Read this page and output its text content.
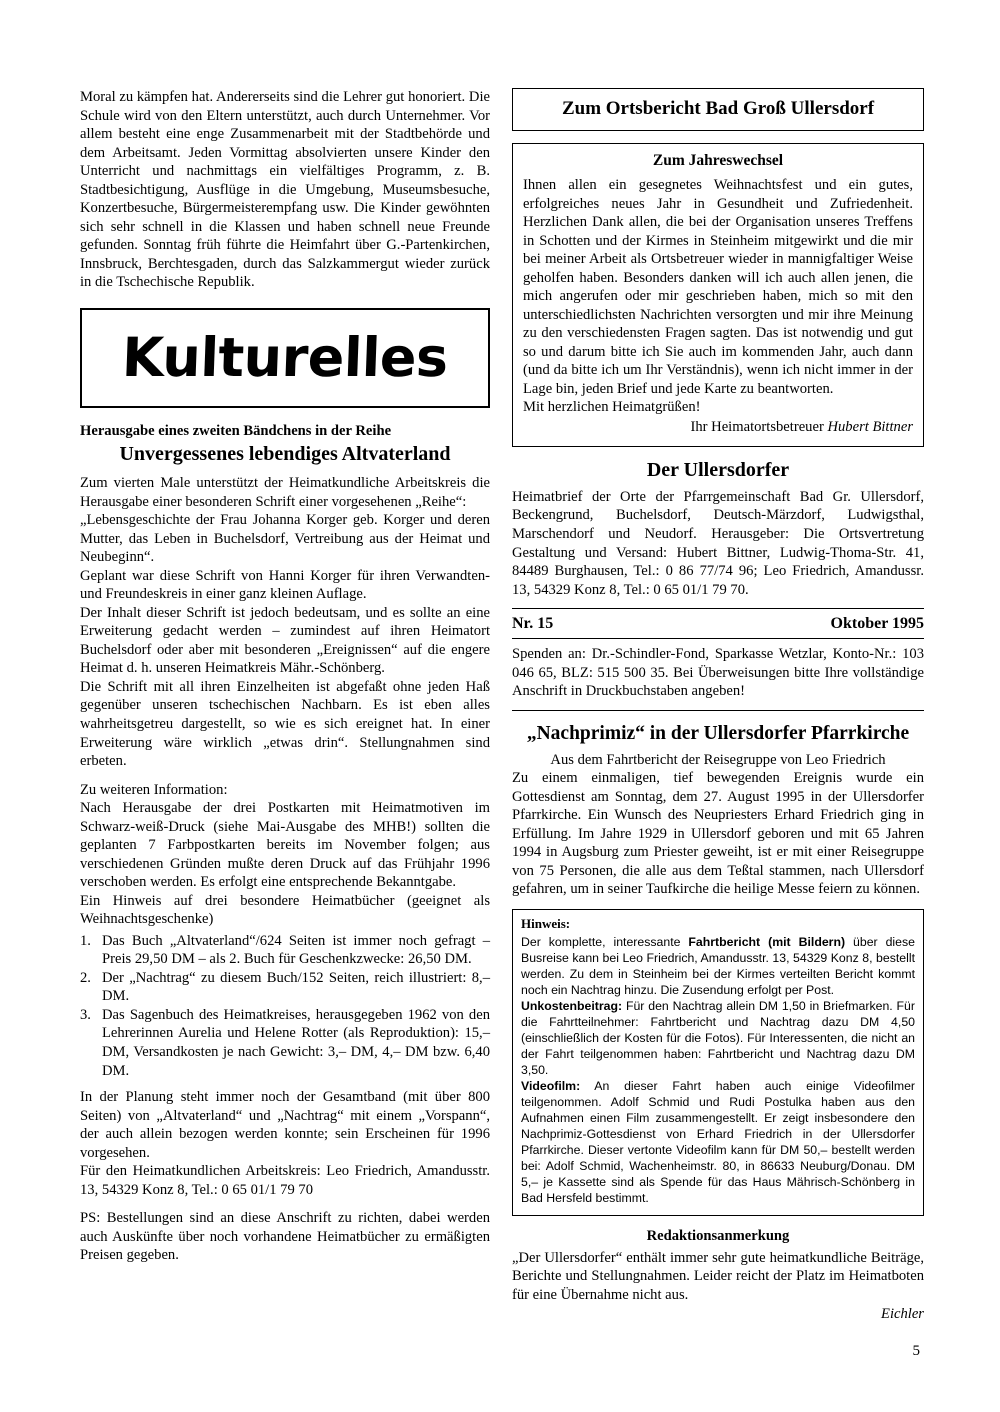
Moral zu kämpfen hat. Andererseits sind die Lehrer gut honoriert. Die Schule wird von den Eltern unterstützt, auch durch Unternehmer. Vor allem besteht eine enge Zusammenarbeit mit der Stadtbehörde und dem Arbeitsamt. Jeden Vormittag absolvierten unsere Kinder den Unterricht und nachmittags ein vielfältiges Programm, z. B. Stadtbesichtigung, Ausflüge in die Umgebung, Museumsbesuche, Konzertbesuche, Bürgermeisterempfang usw. Die Kinder gewöhnten sich sehr schnell in die Klassen und haben schnell neue Freunde gefunden. Sonntag früh führte die Heimfahrt über G.-Partenkirchen, Innsbruck, Berchtesgaden, durch das Salzkammergut wieder zurück in die Tschechische Republik.
Kulturelles
Herausgabe eines zweiten Bändchens in der Reihe
Unvergessenes lebendiges Altvaterland
Zum vierten Male unterstützt der Heimatkundliche Arbeitskreis die Herausgabe einer besonderen Schrift einer vorgesehenen „Reihe“:
„Lebensgeschichte der Frau Johanna Korger geb. Korger und deren Mutter, das Leben in Buchelsdorf, Vertreibung aus der Heimat und Neubeginn“.
Geplant war diese Schrift von Hanni Korger für ihren Verwandten- und Freundeskreis in einer ganz kleinen Auflage.
Der Inhalt dieser Schrift ist jedoch bedeutsam, und es sollte an eine Erweiterung gedacht werden – zumindest auf ihren Heimatort Buchelsdorf oder aber mit besonderen „Ereignissen“ auf die engere Heimat d. h. unseren Heimatkreis Mähr.-Schönberg.
Die Schrift mit all ihren Einzelheiten ist abgefaßt ohne jeden Haß gegenüber unseren tschechischen Nachbarn. Es ist eben alles wahrheitsgetreu dargestellt, so wie es sich ereignet hat. In einer Erweiterung wäre wirklich „etwas drin“. Stellungnahmen sind erbeten.
Zu weiteren Information:
Nach Herausgabe der drei Postkarten mit Heimatmotiven im Schwarz-weiß-Druck (siehe Mai-Ausgabe des MHB!) sollten die geplanten 7 Farbpostkarten bereits im November folgen; aus verschiedenen Gründen mußte deren Druck auf das Frühjahr 1996 verschoben werden. Es erfolgt eine entsprechende Bekanntgabe.
Ein Hinweis auf drei besondere Heimatbücher (geeignet als Weihnachtsgeschenke)
1. Das Buch „Altvaterland“/624 Seiten ist immer noch gefragt – Preis 29,50 DM – als 2. Buch für Geschenkzwecke: 26,50 DM.
2. Der „Nachtrag“ zu diesem Buch/152 Seiten, reich illustriert: 8,– DM.
3. Das Sagenbuch des Heimatkreises, herausgegeben 1962 von den Lehrerinnen Aurelia und Helene Rotter (als Reproduktion): 15,– DM, Versandkosten je nach Gewicht: 3,– DM, 4,– DM bzw. 6,40 DM.
In der Planung steht immer noch der Gesamtband (mit über 800 Seiten) von „Altvaterland“ und „Nachtrag“ mit einem „Vorspann“, der auch allein bezogen werden konnte; sein Erscheinen für 1996 vorgesehen.
Für den Heimatkundlichen Arbeitskreis: Leo Friedrich, Amandusstr. 13, 54329 Konz 8, Tel.: 0 65 01/1 79 70
PS: Bestellungen sind an diese Anschrift zu richten, dabei werden auch Auskünfte über noch vorhandene Heimatbücher zu ermäßigten Preisen gegeben.
Zum Ortsbericht Bad Groß Ullersdorf
Zum Jahreswechsel
Ihnen allen ein gesegnetes Weihnachtsfest und ein gutes, erfolgreiches neues Jahr in Gesundheit und Zufriedenheit. Herzlichen Dank allen, die bei der Organisation unseres Treffens in Schotten und der Kirmes in Steinheim mitgewirkt und die mir bei meiner Arbeit als Ortsbetreuer wieder in mannigfaltiger Weise geholfen haben. Besonders danken will ich auch allen jenen, die mich angerufen oder mir geschrieben haben, mich so mit den unterschiedlichsten Nachrichten versorgten und mir ihre Meinung zu den verschiedensten Fragen sagten. Das ist notwendig und gut so und darum bitte ich Sie auch im kommenden Jahr, auch dann (und da bitte ich um Ihr Verständnis), wenn ich nicht immer in der Lage bin, jeden Brief und jede Karte zu beantworten.
Mit herzlichen Heimatgrüßen!
Ihr Heimatortsbetreuer Hubert Bittner
Der Ullersdorfer
Heimatbrief der Orte der Pfarrgemeinschaft Bad Gr. Ullersdorf, Beckengrund, Buchelsdorf, Deutsch-Märzdorf, Ludwigsthal, Marschendorf und Neudorf. Herausgeber: Die Ortsvertretung Gestaltung und Versand: Hubert Bittner, Ludwig-Thoma-Str. 41, 84489 Burghausen, Tel.: 0 86 77/74 96; Leo Friedrich, Amandussr. 13, 54329 Konz 8, Tel.: 0 65 01/1 79 70.
Nr. 15	Oktober 1995
Spenden an: Dr.-Schindler-Fond, Sparkasse Wetzlar, Konto-Nr.: 103 046 65, BLZ: 515 500 35. Bei Überweisungen bitte Ihre vollständige Anschrift in Druckbuchstaben angeben!
„Nachprimiz“ in der Ullersdorfer Pfarrkirche
Aus dem Fahrtbericht der Reisegruppe von Leo Friedrich
Zu einem einmaligen, tief bewegenden Ereignis wurde ein Gottesdienst am Sonntag, dem 27. August 1995 in der Ullersdorfer Pfarrkirche. Ein Wunsch des Neupriesters Erhard Friedrich ging in Erfüllung. Im Jahre 1929 in Ullersdorf geboren und mit 65 Jahren 1994 in Augsburg zum Priester geweiht, ist er mit einer Reisegruppe von 75 Personen, die alle aus dem Teßtal stammen, nach Ullersdorf gefahren, um in seiner Taufkirche die heilige Messe feiern zu können.
Hinweis:

Der komplette, interessante Fahrtbericht (mit Bildern) über diese Busreise kann bei Leo Friedrich, Amandusstr. 13, 54329 Konz 8, bestellt werden. Zu dem in Steinheim bei der Kirmes verteilten Bericht kommt noch ein Nachtrag hinzu. Die Zusendung erfolgt per Post.

Unkostenbeitrag: Für den Nachtrag allein DM 1,50 in Briefmarken. Für die Fahrtteilnehmer: Fahrtbericht und Nachtrag dazu DM 4,50 (einschließlich der Kosten für die Fotos). Für Interessenten, die nicht an der Fahrt teilgenommen haben: Fahrtbericht und Nachtrag dazu DM 3,50.

Videofilm: An dieser Fahrt haben auch einige Videofilmer teilgenommen. Adolf Schmid und Rudi Postulka haben aus den Aufnahmen einen Film zusammengestellt. Er zeigt insbesondere den Nachprimiz-Gottesdienst von Erhard Friedrich in der Ullersdorfer Pfarrkirche. Dieser vertonte Videofilm kann für DM 50,– bestellt werden bei: Adolf Schmid, Wachenheimstr. 80, in 86633 Neuburg/Donau. DM 5,– je Kassette sind als Spende für das Haus Mährisch-Schönberg in Bad Hersfeld bestimmt.

Redaktionsanmerkung
„Der Ullersdorfer“ enthält immer sehr gute heimatkundliche Beiträge, Berichte und Stellungnahmen. Leider reicht der Platz im Heimatboten für eine Übernahme nicht aus.
Eichler
5
